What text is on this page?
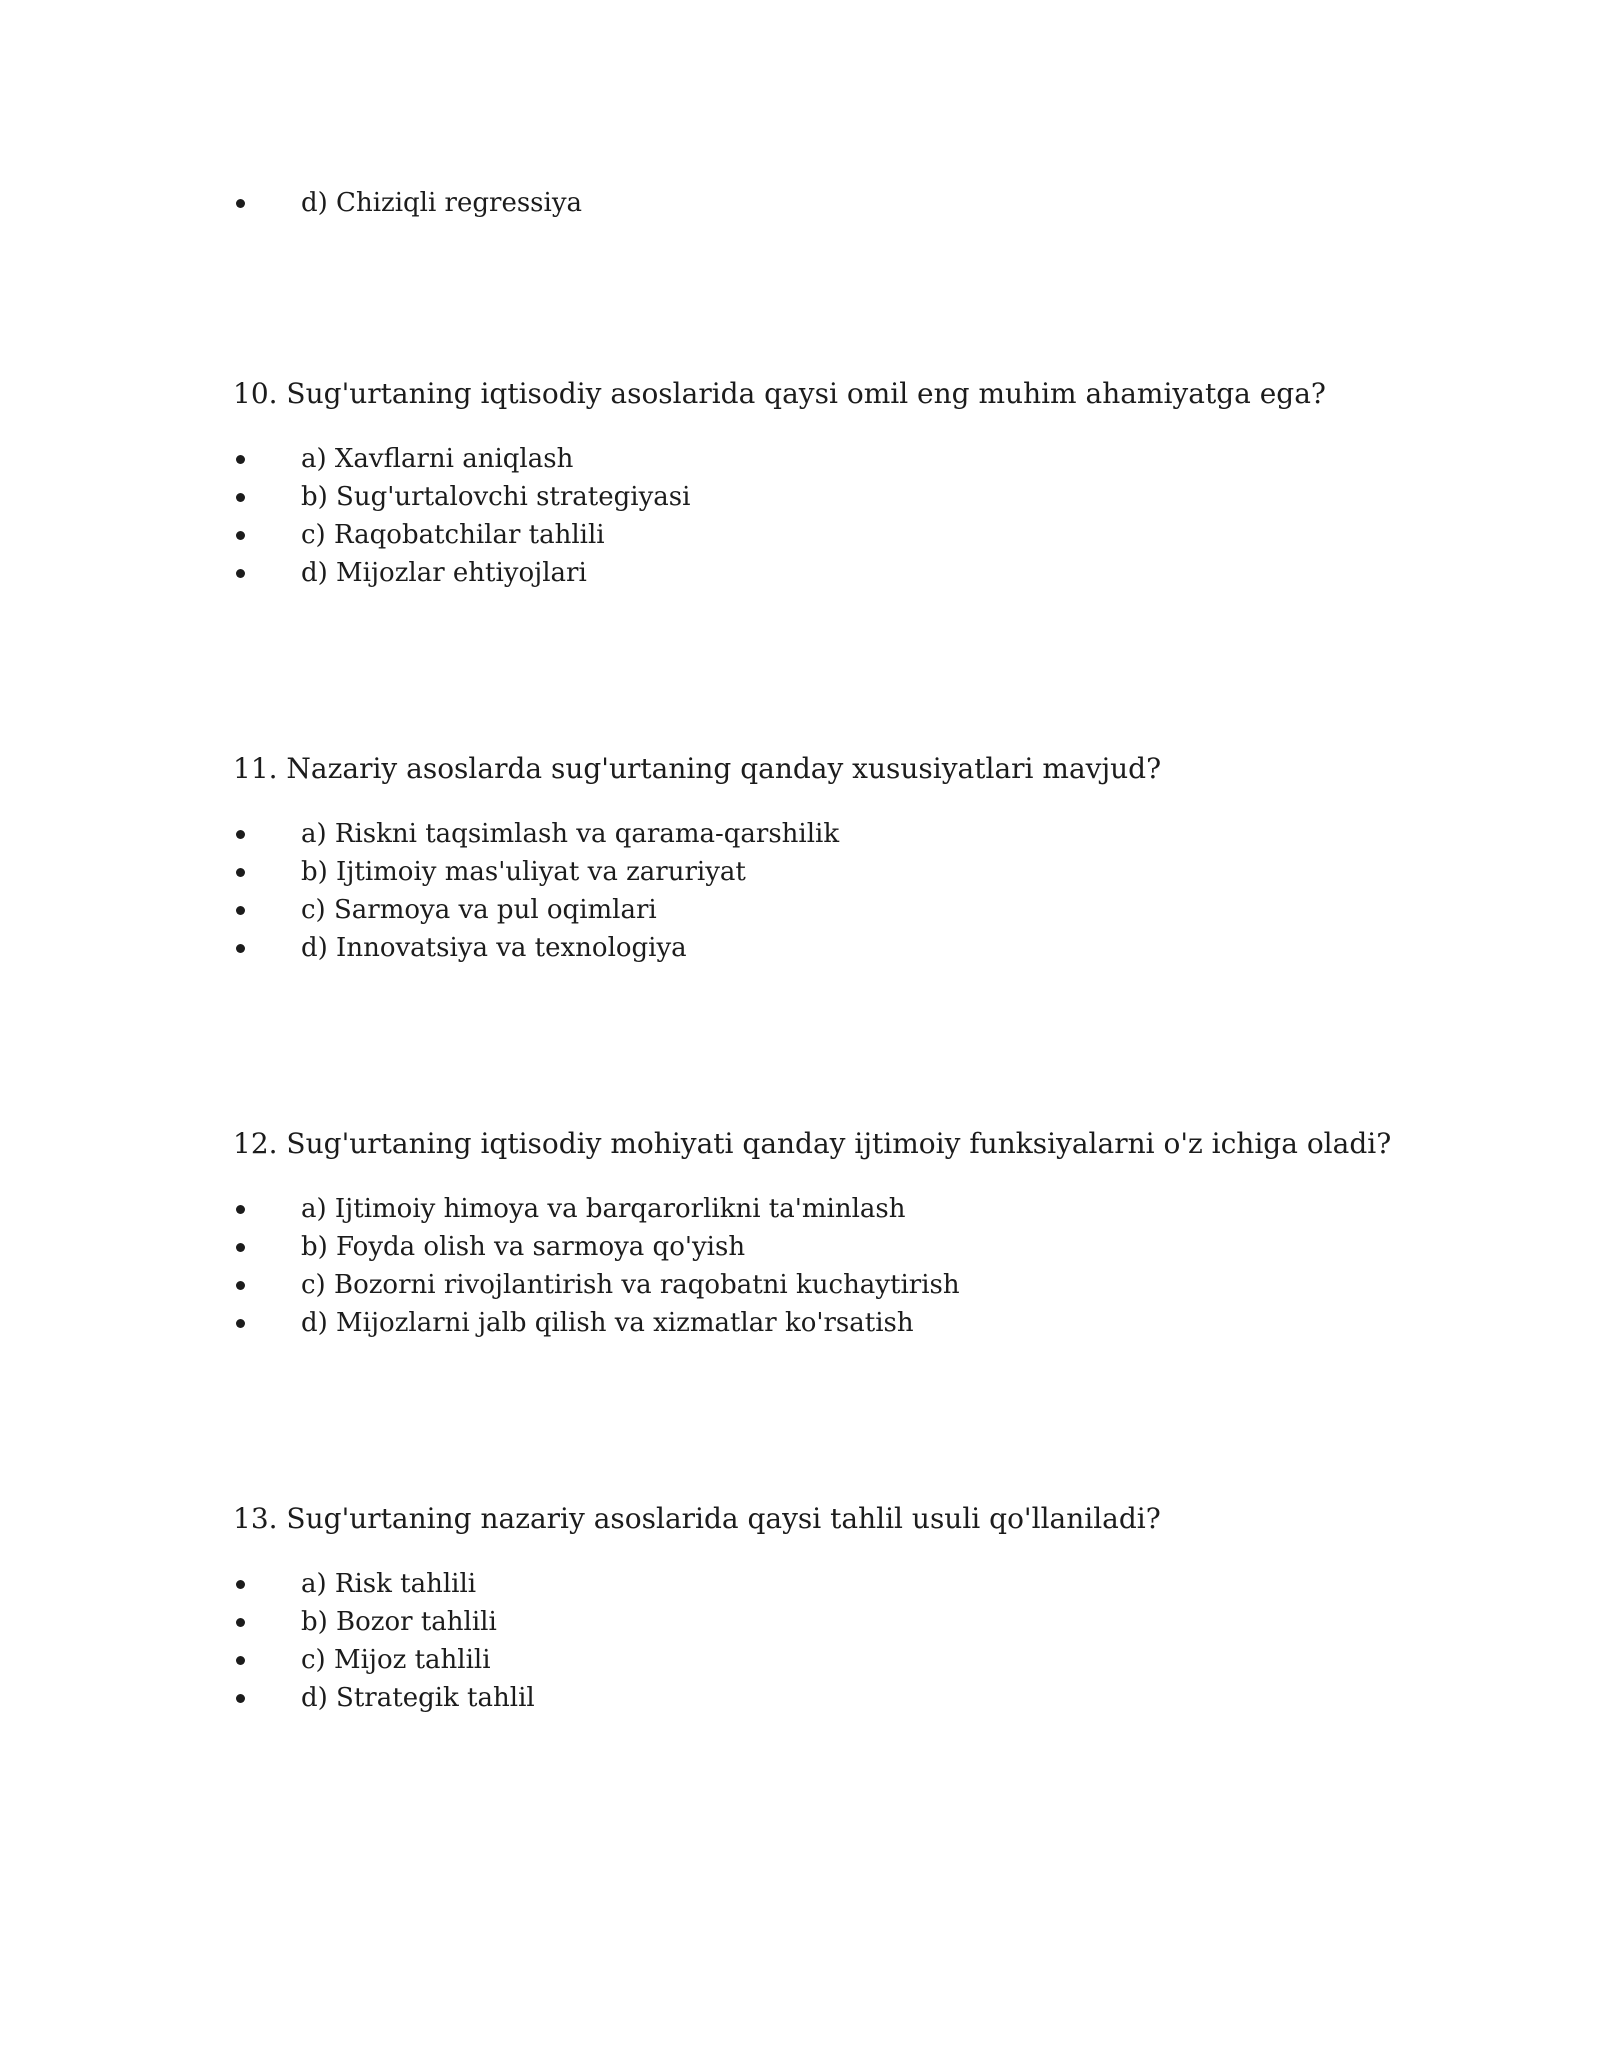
d) Chiziqli regressiya
10. Sug'urtaning iqtisodiy asoslarida qaysi omil eng muhim ahamiyatga ega?
a) Xavflarni aniqlash
b) Sug'urtalovchi strategiyasi
c) Raqobatchilar tahlili
d) Mijozlar ehtiyojlari
11. Nazariy asoslarda sug'urtaning qanday xususiyatlari mavjud?
a) Riskni taqsimlash va qarama-qarshilik
b) Ijtimoiy mas'uliyat va zaruriyat
c) Sarmoya va pul oqimlari
d) Innovatsiya va texnologiya
12. Sug'urtaning iqtisodiy mohiyati qanday ijtimoiy funksiyalarni o'z ichiga oladi?
a) Ijtimoiy himoya va barqarorlikni ta'minlash
b) Foyda olish va sarmoya qo'yish
c) Bozorni rivojlantirish va raqobatni kuchaytirish
d) Mijozlarni jalb qilish va xizmatlar ko'rsatish
13. Sug'urtaning nazariy asoslarida qaysi tahlil usuli qo'llaniladi?
a) Risk tahlili
b) Bozor tahlili
c) Mijoz tahlili
d) Strategik tahlil
